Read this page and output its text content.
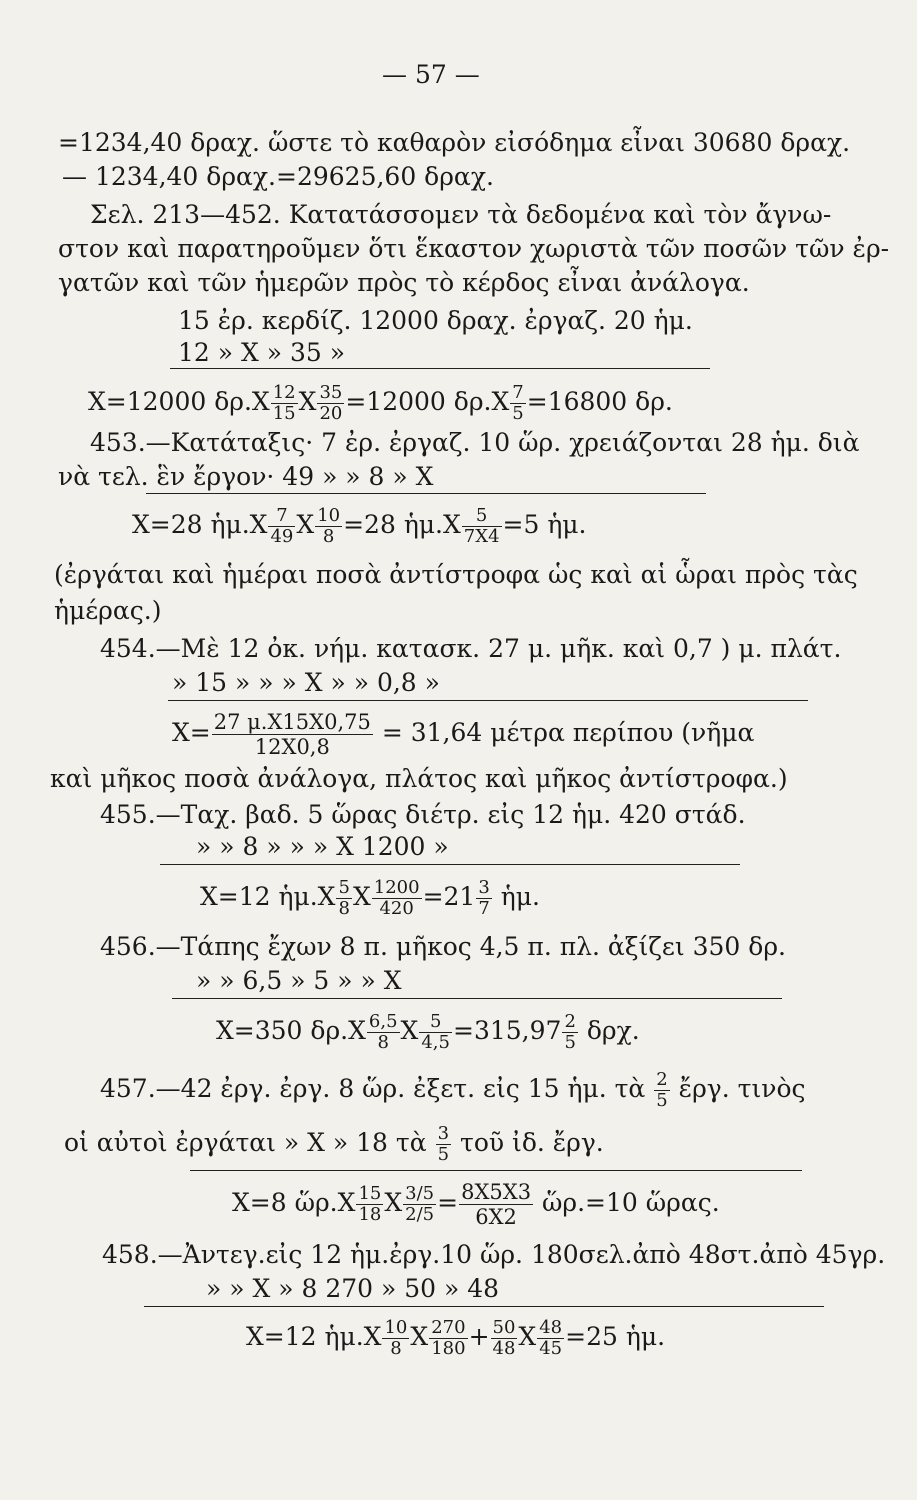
— 57 —
=1234,40 δραχ. ὥστε τὸ καθαρὸν εἰσόδημα εἶναι 30680 δραχ.
— 1234,40 δραχ.=29625,60 δραχ.
Σελ. 213—452. Κατατάσσομεν τὰ δεδομένα καὶ τὸν ἄγνω-
στον καὶ παρατηροῦμεν ὅτι ἕκαστον χωριστὰ τῶν ποσῶν τῶν ἐρ-
γατῶν καὶ τῶν ἡμερῶν πρὸς τὸ κέρδος εἶναι ἀνάλογα.
15 ἐρ. κερδίζ. 12000 δραχ. ἐργαζ. 20 ἡμ.
12 » X » 35 »
X=12000 $\delta\rho.X \frac{12}{15}$ X $\frac{35}{20} =12000$ $\delta\rho.X \frac{7}{5} =16800$ δρ.
453.—Κατάταξις· 7 ἐρ. ἐργαζ. 10 ὥρ. χρειάζονται 28 ἡμ. διὰ
νὰ τελ. ἓν ἔργον· 49 » » 8 » X
X=28 ἡμ.X $\frac{7}{49}$ X $\frac{10}{8} =28$ ἡμ.X $\frac{5}{7X4} =5$ ἡμ.
(ἐργάται καὶ ἡμέραι ποσὰ ἀντίστροφα ὡς καὶ αἱ ὧραι πρὸς τὰς
ἡμέρας.)
454.—Μὲ 12 ὀκ. νήμ. κατασκ. 27 μ. μῆκ. καὶ 0,7 ) μ. πλάτ.
» 15 » » » X » » 0,8 »
$X= \frac{27 \mu.X15X0,75}{12X0,8} = 31,64$ μέτρα περίπου (νῆμα
καὶ μῆκος ποσὰ ἀνάλογα, πλάτος καὶ μῆκος ἀντίστροφα.)
455.—Ταχ. βαδ. 5 ὥρας διέτρ. εἰς 12 ἡμ. 420 στάδ.
» » 8 » » » X 1200 »
X=12 ἡμ.X $\frac{5}{8}$ X $\frac{1200}{420} =21 \frac{3}{7}$ ἡμ.
456.—Τάπης ἔχων 8 π. μῆκος 4,5 π. πλ. ἀξίζει 350 δρ.
» » 6,5 » 5 » » X
X=350 $\delta\rho.X \frac{6,5}{8}$ X $\frac{5}{4,5} =315,97 \frac{2}{5} \delta\rho\chi$.
457.—42 ἐργ. ἐργ. 8 ὥρ. ἐξετ. εἰς 15 ἡμ. τὰ $\frac{2}{5}$ ἔργ. τινὸς
οἱ αὐτοὶ ἐργάται » X » 18 τὰ $\frac{3}{5}$ τοῦ ἰδ. ἔργ.
X=8 ὥρ.X $\frac{15}{18}$ X $\frac{3/5}{2/5} = \frac{8X5X3}{6X2}$ ὥρ.=10 ὥρας.
458.—Ἀντεγ.εἰς 12 ἡμ.ἐργ.10 ὥρ. 180σελ.ἀπὸ 48στ.ἀπὸ 45γρ.
» » X » 8 270 » 50 » 48
X=12 ἡμ.X $\frac{10}{8}$ X $\frac{270}{180} + \frac{50}{48}$ X $\frac{48}{45} =25$ ἡμ.
